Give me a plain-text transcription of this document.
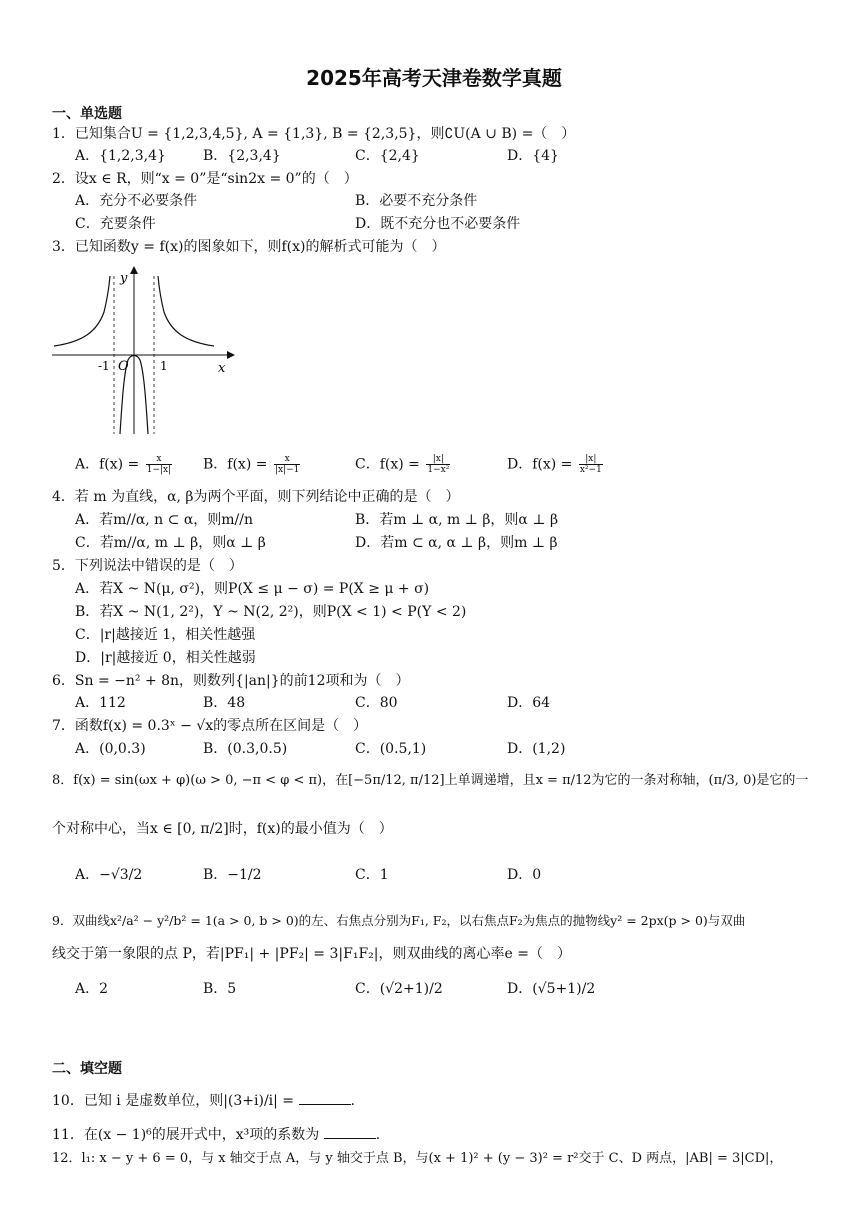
2025年高考天津卷数学真题
一、单选题
1．已知集合U = {1,2,3,4,5}, A = {1,3}, B = {2,3,5}，则∁U(A ∪ B) =（　）
A．{1,2,3,4}	B．{2,3,4}	C．{2,4}	D．{4}
2．设x ∈ R，则“x = 0”是“sin2x = 0”的（　）
A．充分不必要条件	B．必要不充分条件
C．充要条件	D．既不充分也不必要条件
3．已知函数y = f(x)的图象如下，则f(x)的解析式可能为（　）
y
x
O
-1	1
A．$f(x) = \frac{x}{1-|x|}$ B．$f(x) = \frac{x}{|x|-1}$	C．$f(x) = \frac{|x|}{\text{1−x²}}$	D．$f(x) = \frac{|x|}{\text{x²−1}}$
4．若 m 为直线，α, β为两个平面，则下列结论中正确的是（　）
A．若m//α, n ⊂ α，则m//n	B．若m ⊥ α, m ⊥ β，则α ⊥ β
C．若m//α, m ⊥ β，则α ⊥ β	D．若m ⊂ α, α ⊥ β，则m ⊥ β
5．下列说法中错误的是（　）
A．若X ~ N(μ, σ²)，则P(X ≤ μ − σ) = P(X ≥ μ + σ)
B．若X ~ N(1, 2²)，Y ~ N(2, 2²)，则P(X < 1) < P(Y < 2)
C．|r|越接近 1，相关性越强
D．|r|越接近 0，相关性越弱
6．Sn = −n² + 8n，则数列{|an|}的前12项和为（　）
A．112	B．48	C．80	D．64
7．函数f(x) = 0.3ˣ − √x的零点所在区间是（　）
A．(0,0.3)	B．(0.3,0.5)	C．(0.5,1)	D．(1,2)
8．f(x) = sin(ωx + φ)(ω > 0, −π < φ < π)，在[−5π/12, π/12]上单调递增，且x = π/12为它的一条对称轴，(π/3, 0)是它的一
个对称中心，当x ∈ [0, π/2]时，f(x)的最小值为（　）
A．−√3/2	B．−1/2	C．1	D．0
9．双曲线x²/a² − y²/b² = 1(a > 0, b > 0)的左、右焦点分别为F₁, F₂，以右焦点F₂为焦点的抛物线y² = 2px(p > 0)与双曲
线交于第一象限的点 P，若|PF₁| + |PF₂| = 3|F₁F₂|，则双曲线的离心率e =（　）
A．2	B．5	C．(√2+1)/2	D．(√5+1)/2
二、填空题
10．已知 i 是虚数单位，则|(3+i)/i| =	.
11．在(x − 1)⁶的展开式中，x³项的系数为	.
12．l₁: x − y + 6 = 0，与 x 轴交于点 A，与 y 轴交于点 B，与(x + 1)² + (y − 3)² = r²交于 C、D 两点，|AB| = 3|CD|，
